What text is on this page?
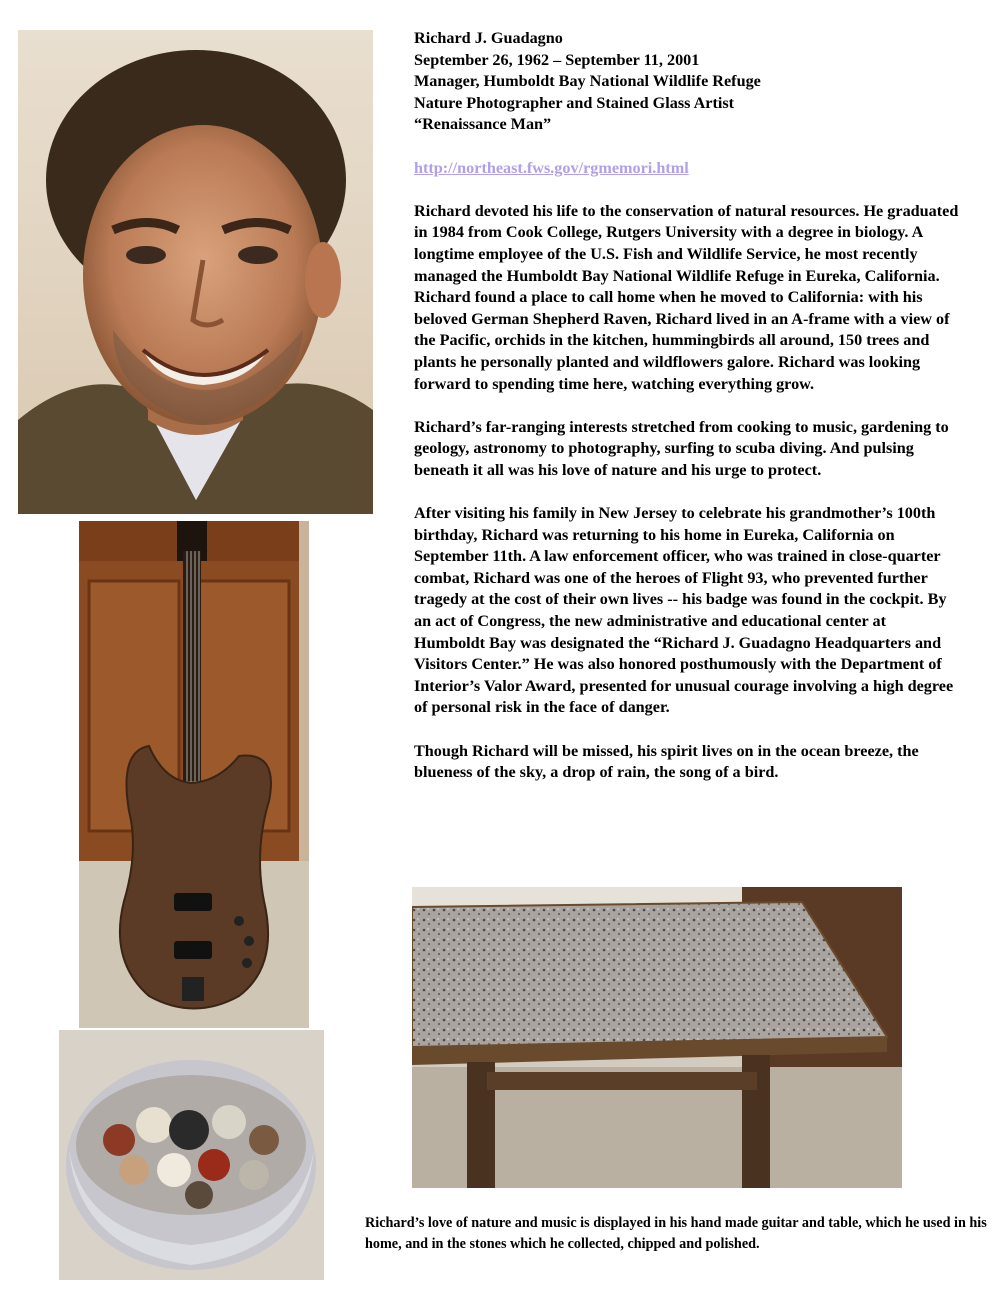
Richard J. Guadagno
September 26, 1962 – September 11, 2001
Manager, Humboldt Bay National Wildlife Refuge
Nature Photographer and Stained Glass Artist
“Renaissance Man”

http://northeast.fws.gov/rgmemori.html

Richard devoted his life to the conservation of natural resources. He graduated in 1984 from Cook College, Rutgers University with a degree in biology. A longtime employee of the U.S. Fish and Wildlife Service, he most recently managed the Humboldt Bay National Wildlife Refuge in Eureka, California. Richard found a place to call home when he moved to California: with his beloved German Shepherd Raven, Richard lived in an A-frame with a view of the Pacific, orchids in the kitchen, hummingbirds all around, 150 trees and plants he personally planted and wildflowers galore. Richard was looking forward to spending time here, watching everything grow.

Richard’s far-ranging interests stretched from cooking to music, gardening to geology, astronomy to photography, surfing to scuba diving. And pulsing beneath it all was his love of nature and his urge to protect.

After visiting his family in New Jersey to celebrate his grandmother’s 100th birthday, Richard was returning to his home in Eureka, California on September 11th. A law enforcement officer, who was trained in close-quarter combat, Richard was one of the heroes of Flight 93, who prevented further tragedy at the cost of their own lives -- his badge was found in the cockpit. By an act of Congress, the new administrative and educational center at Humboldt Bay was designated the “Richard J. Guadagno Headquarters and Visitors Center.” He was also honored posthumously with the Department of Interior’s Valor Award, presented for unusual courage involving a high degree of personal risk in the face of danger.

Though Richard will be missed, his spirit lives on in the ocean breeze, the blueness of the sky, a drop of rain, the song of a bird.

Richard’s love of nature and music is displayed in his hand made guitar and table, which he used in his home, and in the stones which he collected, chipped and polished.
